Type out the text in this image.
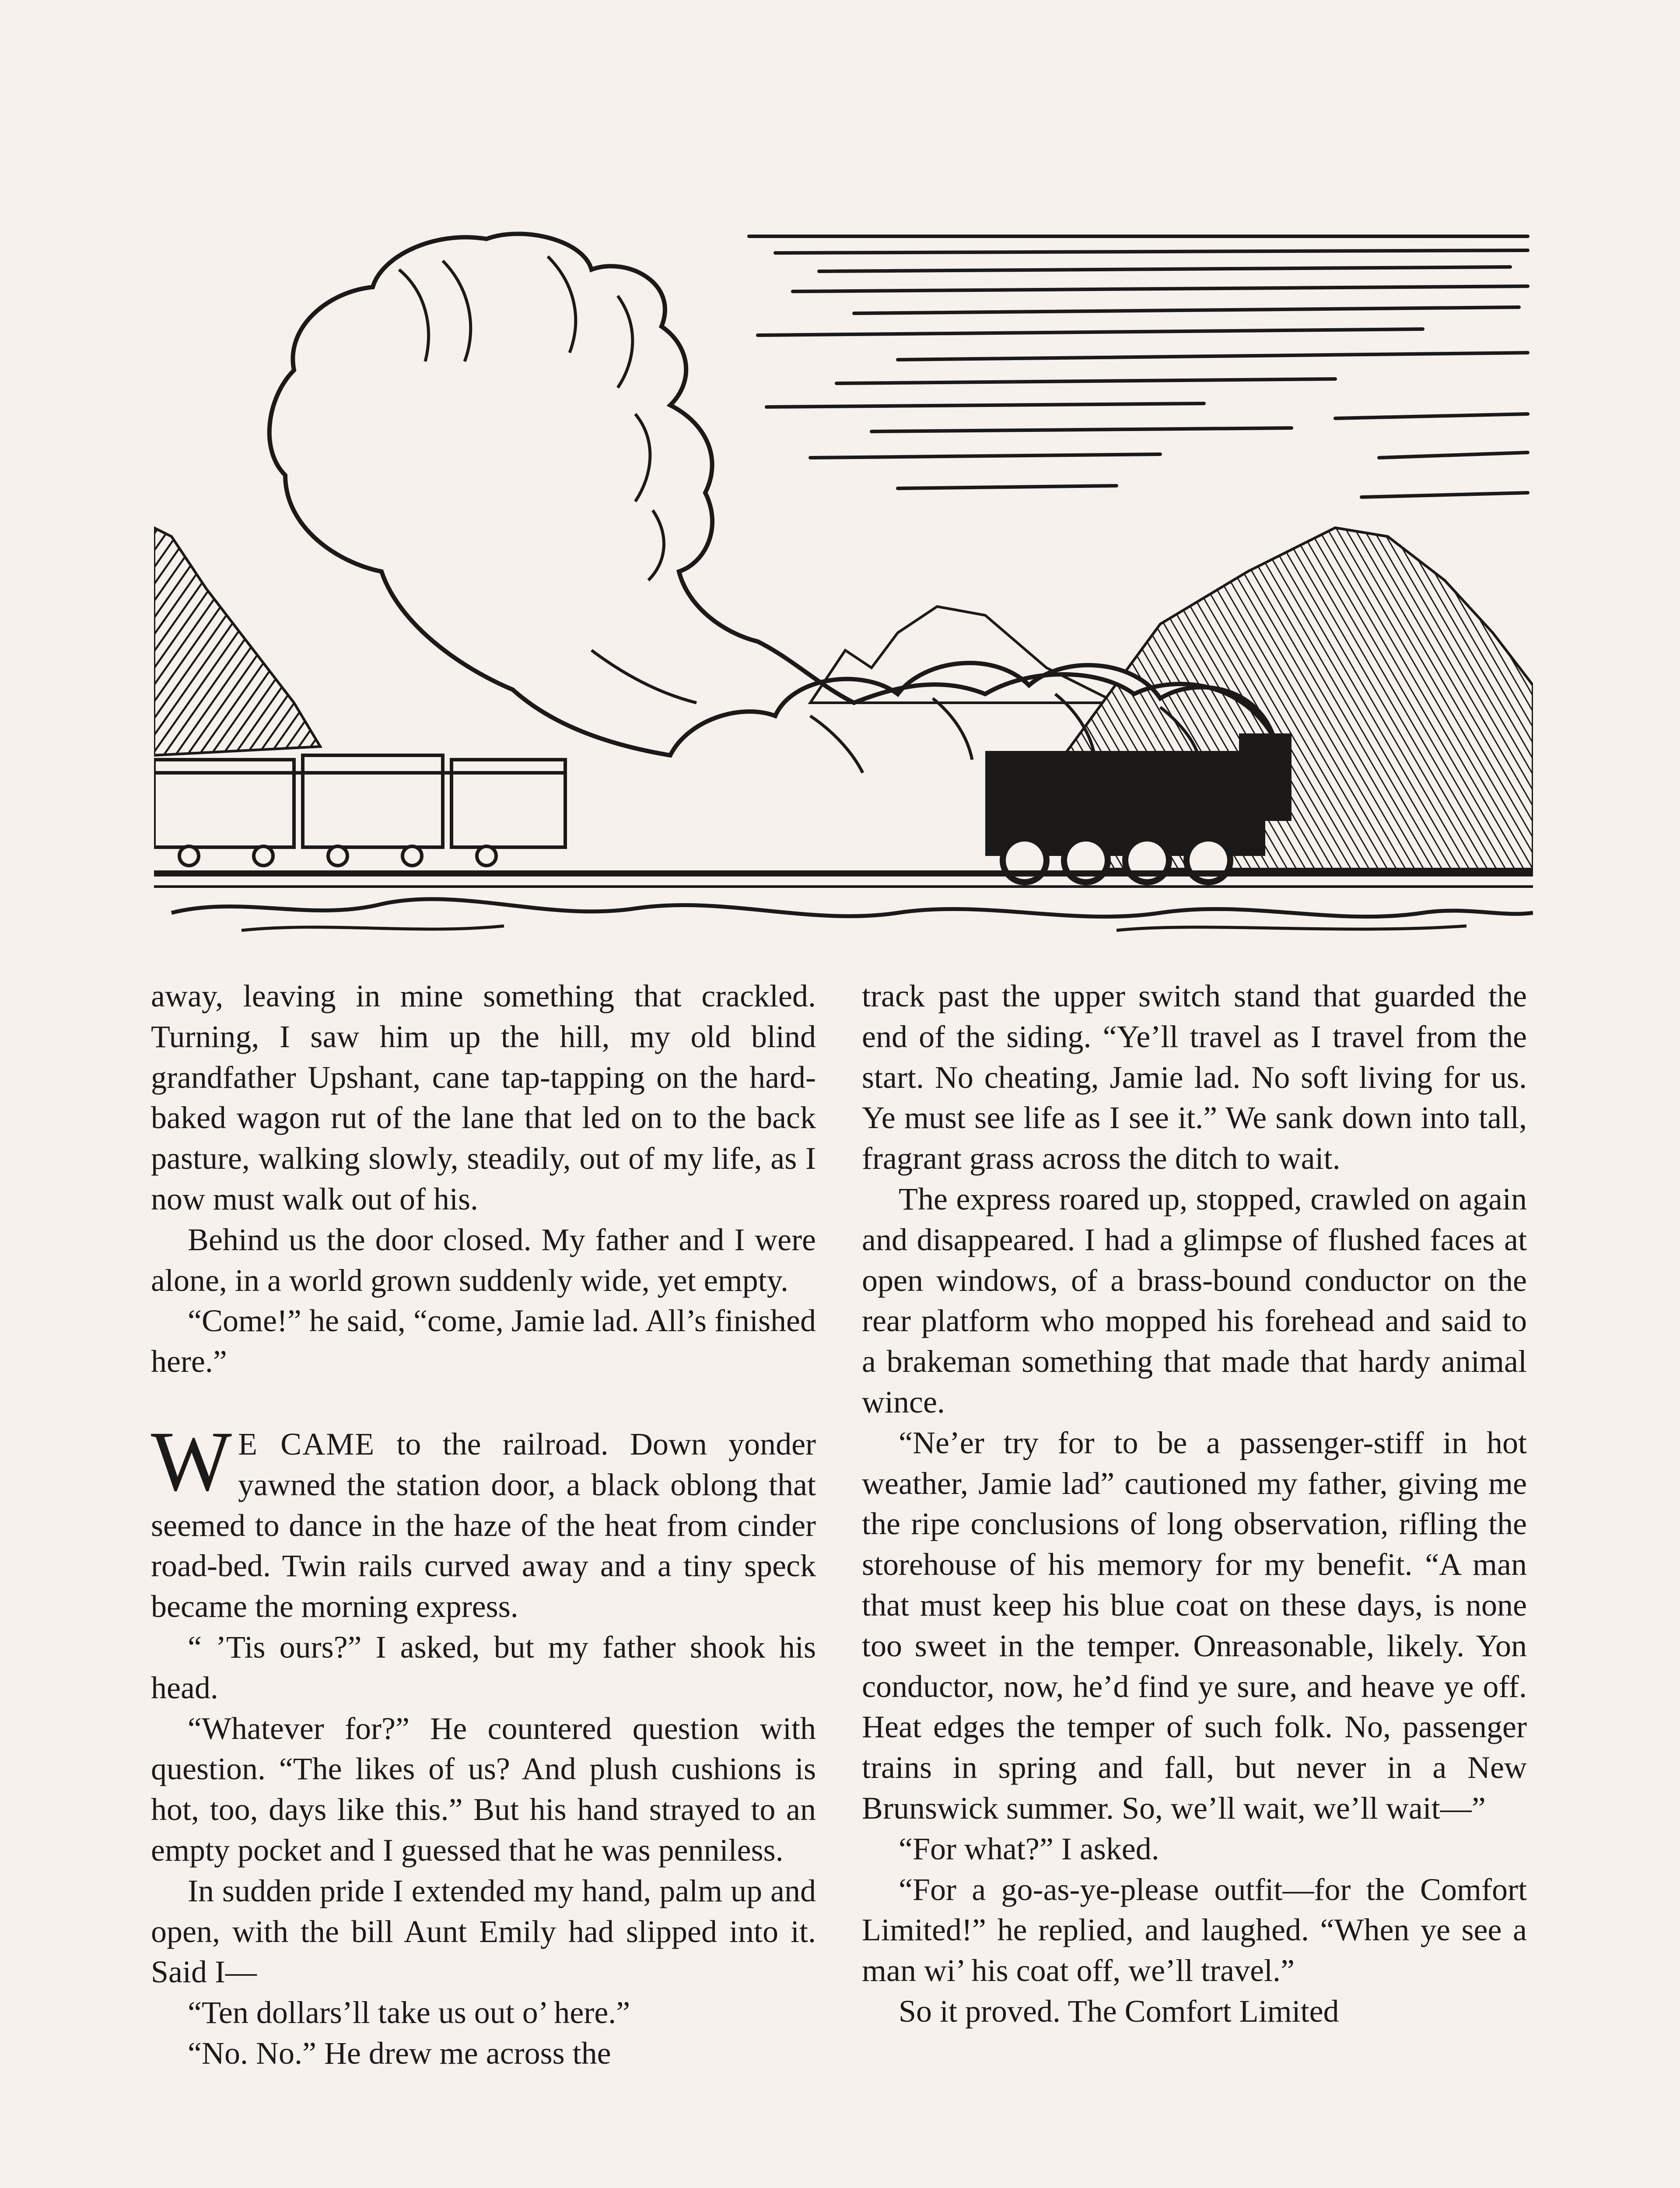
away, leaving in mine something that crackled. Turning, I saw him up the hill, my old blind grandfather Upshant, cane tap-tapping on the hard-baked wagon rut of the lane that led on to the back pasture, walking slowly, steadily, out of my life, as I now must walk out of his.

Behind us the door closed. My father and I were alone, in a world grown suddenly wide, yet empty.

“Come!” he said, “come, Jamie lad. All’s finished here.”

W E CAME to the railroad. Down yonder yawned the station door, a black oblong that seemed to dance in the haze of the heat from cinder road-bed. Twin rails curved away and a tiny speck became the morning express.

“ ’Tis ours?” I asked, but my father shook his head.

“Whatever for?” He countered question with question. “The likes of us? And plush cushions is hot, too, days like this.” But his hand strayed to an empty pocket and I guessed that he was penniless.

In sudden pride I extended my hand, palm up and open, with the bill Aunt Emily had slipped into it. Said I—

“Ten dollars’ll take us out o’ here.”

“No. No.” He drew me across the

track past the upper switch stand that guarded the end of the siding. “Ye’ll travel as I travel from the start. No cheating, Jamie lad. No soft living for us. Ye must see life as I see it.” We sank down into tall, fragrant grass across the ditch to wait.

The express roared up, stopped, crawled on again and disappeared. I had a glimpse of flushed faces at open windows, of a brass-bound conductor on the rear platform who mopped his forehead and said to a brakeman something that made that hardy animal wince.

“Ne’er try for to be a passenger-stiff in hot weather, Jamie lad” cautioned my father, giving me the ripe conclusions of long observation, rifling the storehouse of his memory for my benefit. “A man that must keep his blue coat on these days, is none too sweet in the temper. Onreasonable, likely. Yon conductor, now, he’d find ye sure, and heave ye off. Heat edges the temper of such folk. No, passenger trains in spring and fall, but never in a New Brunswick summer. So, we’ll wait, we’ll wait—”

“For what?” I asked.

“For a go-as-ye-please outfit—for the Comfort Limited!” he replied, and laughed. “When ye see a man wi’ his coat off, we’ll travel.”

So it proved. The Comfort Limited
